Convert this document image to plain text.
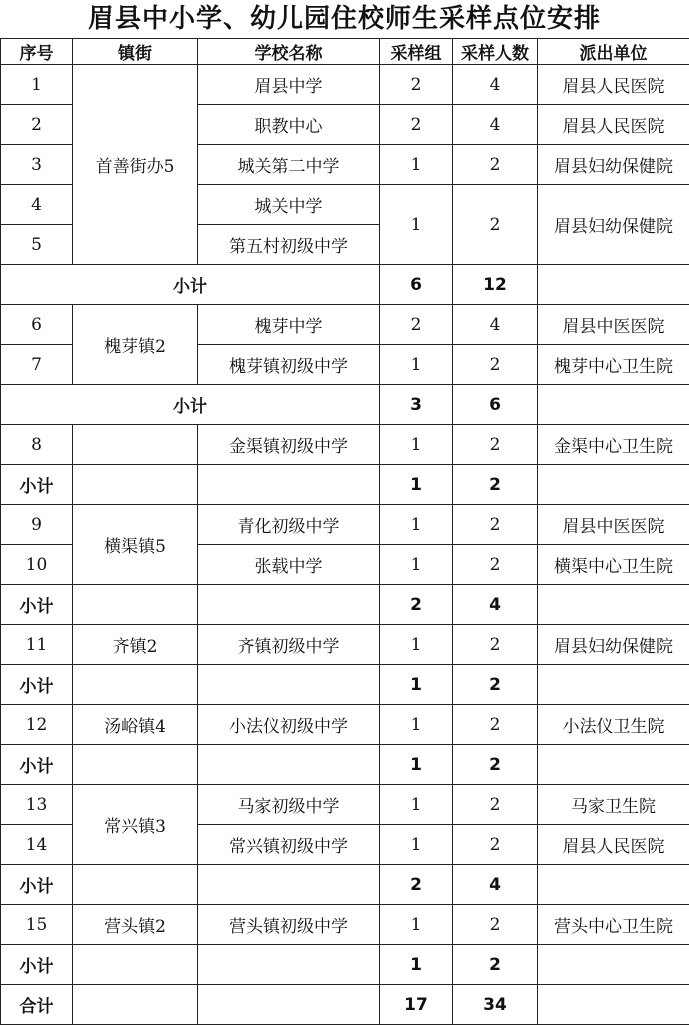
眉县中小学、幼儿园住校师生采样点位安排
序号	镇街	学校名称	采样组	采样人数	派出单位
1	首善街办5	眉县中学	2	4	眉县人民医院
2		职教中心	2	4	眉县人民医院
3		城关第二中学	1	2	眉县妇幼保健院
4		城关中学	1	2	眉县妇幼保健院
5		第五村初级中学			
小计			6	12	
6	槐芽镇2	槐芽中学	2	4	眉县中医医院
7		槐芽镇初级中学	1	2	槐芽中心卫生院
小计			3	6	
8		金渠镇初级中学	1	2	金渠中心卫生院
小计			1	2	
9	横渠镇5	青化初级中学	1	2	眉县中医医院
10		张载中学	1	2	横渠中心卫生院
小计			2	4	
11	齐镇2	齐镇初级中学	1	2	眉县妇幼保健院
小计			1	2	
12	汤峪镇4	小法仪初级中学	1	2	小法仪卫生院
小计			1	2	
13	常兴镇3	马家初级中学	1	2	马家卫生院
14		常兴镇初级中学	1	2	眉县人民医院
小计			2	4	
15	营头镇2	营头镇初级中学	1	2	营头中心卫生院
小计			1	2	
合计			17	34	
